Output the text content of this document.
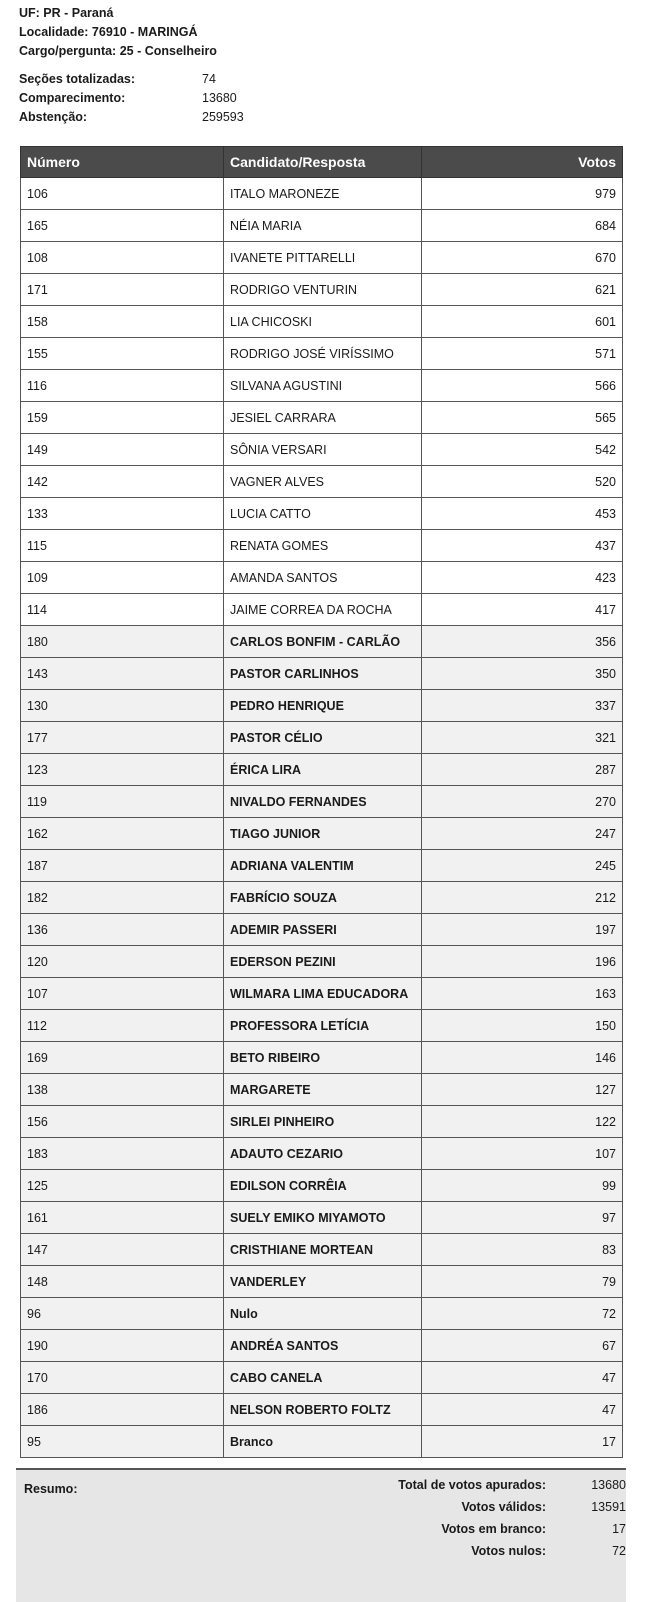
UF: PR - Paraná
Localidade: 76910 - MARINGÁ
Cargo/pergunta: 25 - Conselheiro
Seções totalizadas:	74
Comparecimento:	13680
Abstenção:	259593
Número	Candidato/Resposta	Votos
106	ITALO MARONEZE	979
165	NÉIA MARIA	684
108	IVANETE PITTARELLI	670
171	RODRIGO VENTURIN	621
158	LIA CHICOSKI	601
155	RODRIGO JOSÉ VIRÍSSIMO	571
116	SILVANA AGUSTINI	566
159	JESIEL CARRARA	565
149	SÔNIA VERSARI	542
142	VAGNER ALVES	520
133	LUCIA CATTO	453
115	RENATA GOMES	437
109	AMANDA SANTOS	423
114	JAIME CORREA DA ROCHA	417
180	CARLOS BONFIM - CARLÃO	356
143	PASTOR CARLINHOS	350
130	PEDRO HENRIQUE	337
177	PASTOR CÉLIO	321
123	ÉRICA LIRA	287
119	NIVALDO FERNANDES	270
162	TIAGO JUNIOR	247
187	ADRIANA VALENTIM	245
182	FABRÍCIO SOUZA	212
136	ADEMIR PASSERI	197
120	EDERSON PEZINI	196
107	WILMARA LIMA EDUCADORA	163
112	PROFESSORA LETÍCIA	150
169	BETO RIBEIRO	146
138	MARGARETE	127
156	SIRLEI PINHEIRO	122
183	ADAUTO CEZARIO	107
125	EDILSON CORRÊIA	99
161	SUELY EMIKO MIYAMOTO	97
147	CRISTHIANE MORTEAN	83
148	VANDERLEY	79
96	Nulo	72
190	ANDRÉA SANTOS	67
170	CABO CANELA	47
186	NELSON ROBERTO FOLTZ	47
95	Branco	17
Resumo:	Total de votos apurados:	13680
Votos válidos:	13591
Votos em branco:	17
Votos nulos:	72
